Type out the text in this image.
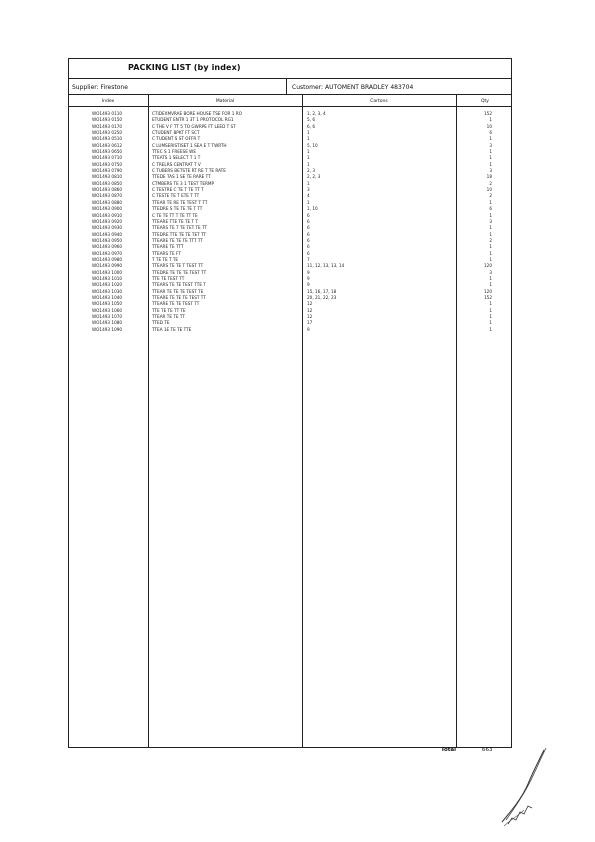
PACKING LIST (by index)
Supplier: Firestone	Customer: AUTOMENT BRADLEY 483704
Index	Material	Cartons	Qty
WO1493 0110	CTIDEXMVRAE BORE HOUSE TSE FOR 1 RO	1, 2, 3, 4	152
WO1493 0150	ETUDENT ENTR 1 3T 1 PROTOCOL RG1	5, 6	1
WO1493 0170	C THE V F TT 5 TO GWRPE FT LEED T ST	6, 6	10
WO1493 0250	CTUDENT BPKT FT SCT	1	6
WO1493 0510	C TUDENT S ST OFFR T	1	1
WO1493 0612	C LUMSERISTISET 1 SEA E T TWRTH	5, 10	3
WO1493 0650	TTEC S 1 FREESE WE	1	1
WO1493 0710	TTEATS 1 SELECT T 1 T	1	1
WO1493 0750	C TRELRS CENTRAT T V	1	1
WO1493 0790	C TUBERS BETSTE RT RE T TE RATE	2, 3	3
WO1493 0810	TTEDE TAS 1 SE TE RARE TT	2, 2, 3	18
WO1493 0850	CTMBERS TE 3 1 TEST TERMP	1	2
WO1493 0860	C TESTRE C TE T TE TT T	3	10
WO1493 0870	C TESTE TE T ETE T TT	4	2
WO1493 0880	TTEAR TE RE TE TEST T TT	1	1
WO1493 0900	TTEDRE S TE TE TE T TT	1, 10	6
WO1493 0910	C TE TE TT T TE TT TE	6	1
WO1493 0920	TTEARE TTE TE TE T T	6	3
WO1493 0930	TTEARS TE T TE TET TE TT	6	1
WO1493 0940	TTEDRE TTE TE TE TET TT	6	1
WO1493 0950	TTEARE TE TE TE TTT TT	6	2
WO1493 0960	TTEARE TE TTT	6	1
WO1493 0970	TTEARS TE FT	6	1
WO1493 0980	T TE TE T TE	7	1
WO1493 0990	TTEARS TE TE T TEST TT	11, 12, 13, 13, 14	120
WO1493 1000	TTEDRE TE TE TE TEST TT	9	3
WO1493 1010	TTE TE TEST TT	9	1
WO1493 1020	TTEARS TE TE TEST TTE T	9	1
WO1493 1030	TTEAR TE TE TE TEST TE	15, 16, 17, 18	120
WO1493 1040	TTEARE TE TE TE TEST TT	20, 21, 22, 23	152
WO1493 1050	TTEARE TE TE TEST TT	12	1
WO1493 1060	TTE TE TE TT TE	12	1
WO1493 1070	TTEAR TE TE TT	12	1
WO1493 1080	TTED TE	17	1
WO1493 1090	TTEA 1E TE TE TTE	9	1
Total	663
